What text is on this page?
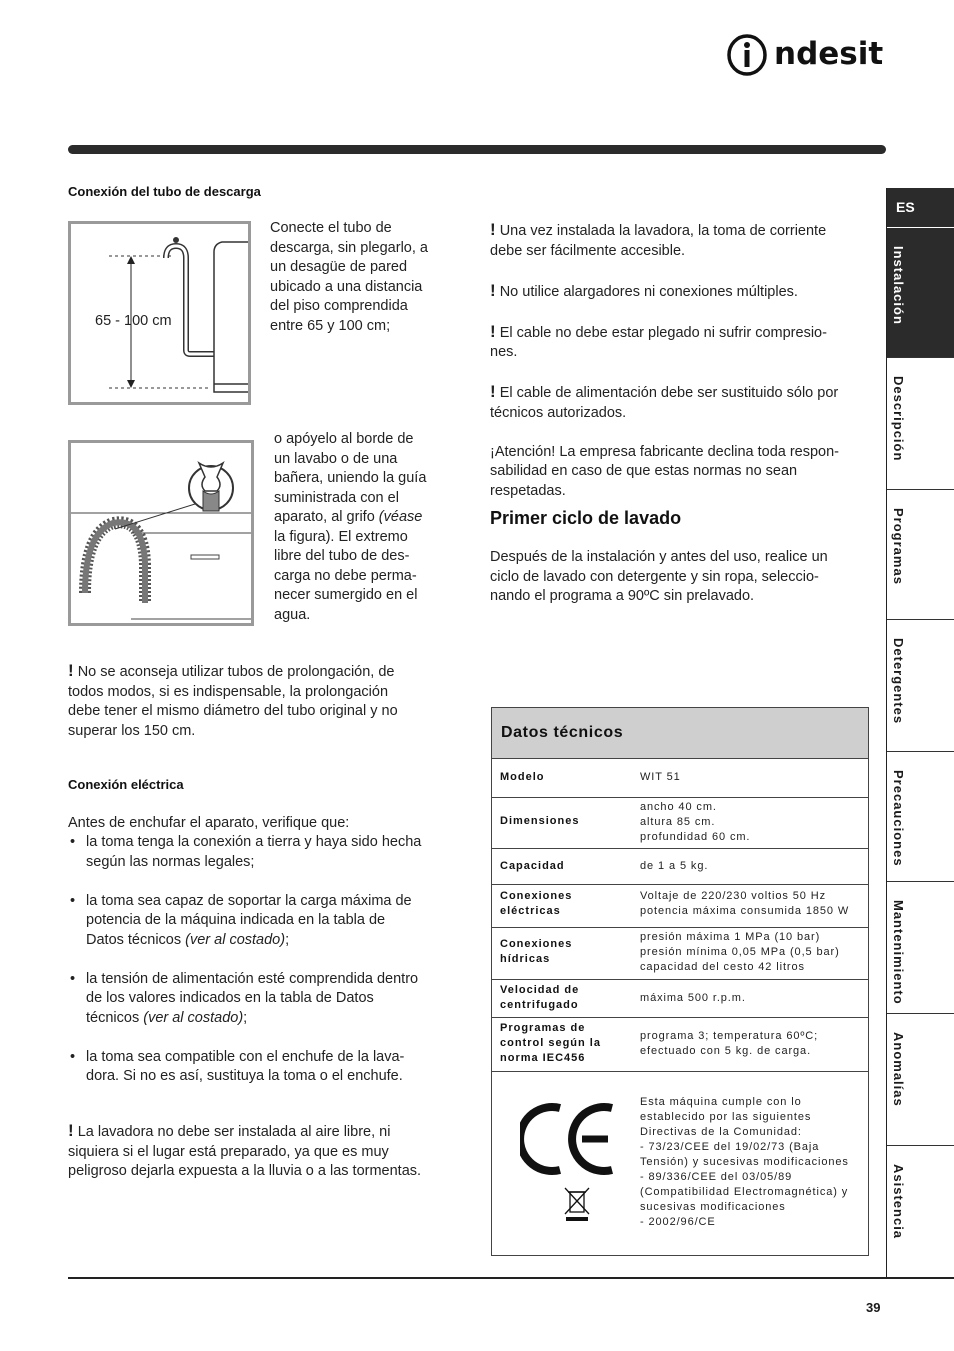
ndesit
Conexión del tubo de descarga
65 - 100 cm
Conecte el tubo de
descarga, sin plegarlo, a
un desagüe de pared
ubicado a una distancia
del piso comprendida
entre 65 y 100 cm;
o apóyelo al borde de
un lavabo o de una
bañera, uniendo la guía
suministrada con el
aparato, al grifo (véase
la figura). El extremo
libre del tubo de des-
carga no debe perma-
necer sumergido en el
agua.
! No se aconseja utilizar tubos de prolongación, de
todos modos, si es indispensable, la prolongación
debe tener el mismo diámetro del tubo original y no
superar los 150 cm.
Conexión eléctrica
Antes de enchufar el aparato, verifique que:
• la toma tenga la conexión a tierra y haya sido hecha
según las normas legales;
• la toma sea capaz de soportar la carga máxima de
potencia de la máquina indicada en la tabla de
Datos técnicos (ver al costado);
• la tensión de alimentación esté comprendida dentro
de los valores indicados en la tabla de Datos
técnicos (ver al costado);
• la toma sea compatible con el enchufe de la lava-
dora. Si no es así, sustituya la toma o el enchufe.
! La lavadora no debe ser instalada al aire libre, ni
siquiera si el lugar está preparado, ya que es muy
peligroso dejarla expuesta a la lluvia o a las tormentas.
! Una vez instalada la lavadora, la toma de corriente
debe ser fácilmente accesible.
! No utilice alargadores ni conexiones múltiples.
! El cable no debe estar plegado ni sufrir compresio-
nes.
! El cable de alimentación debe ser sustituido sólo por
técnicos autorizados.
¡Atención! La empresa fabricante declina toda respon-
sabilidad en caso de que estas normas no sean
respetadas.
Primer ciclo de lavado
Después de la instalación y antes del uso, realice un
ciclo de lavado con detergente y sin ropa, seleccio-
nando el programa a 90ºC sin prelavado.
Datos técnicos
Modelo	WIT 51
Dimensiones
ancho 40 cm.
altura 85 cm.
profundidad 60 cm.
Capacidad	de 1 a 5 kg.
Conexiones
eléctricas
Voltaje de 220/230 voltios 50 Hz
potencia máxima consumida 1850 W
Conexiones
hídricas
presión máxima 1 MPa (10 bar)
presión mínima 0,05 MPa (0,5 bar)
capacidad del cesto 42 litros
Velocidad de
centrifugado
máxima 500 r.p.m.
Programas de
control según la
norma IEC456
programa 3; temperatura 60ºC;
efectuado con 5 kg. de carga.
Esta máquina cumple con lo
establecido por las siguientes
Directivas de la Comunidad:
- 73/23/CEE del 19/02/73 (Baja
Tensión) y sucesivas modificaciones
- 89/336/CEE del 03/05/89
(Compatibilidad Electromagnética) y
sucesivas modificaciones
- 2002/96/CE
ES
Instalación
Descripción
Programas
Detergentes
Precauciones
Mantenimiento
Anomalías
Asistencia
39
